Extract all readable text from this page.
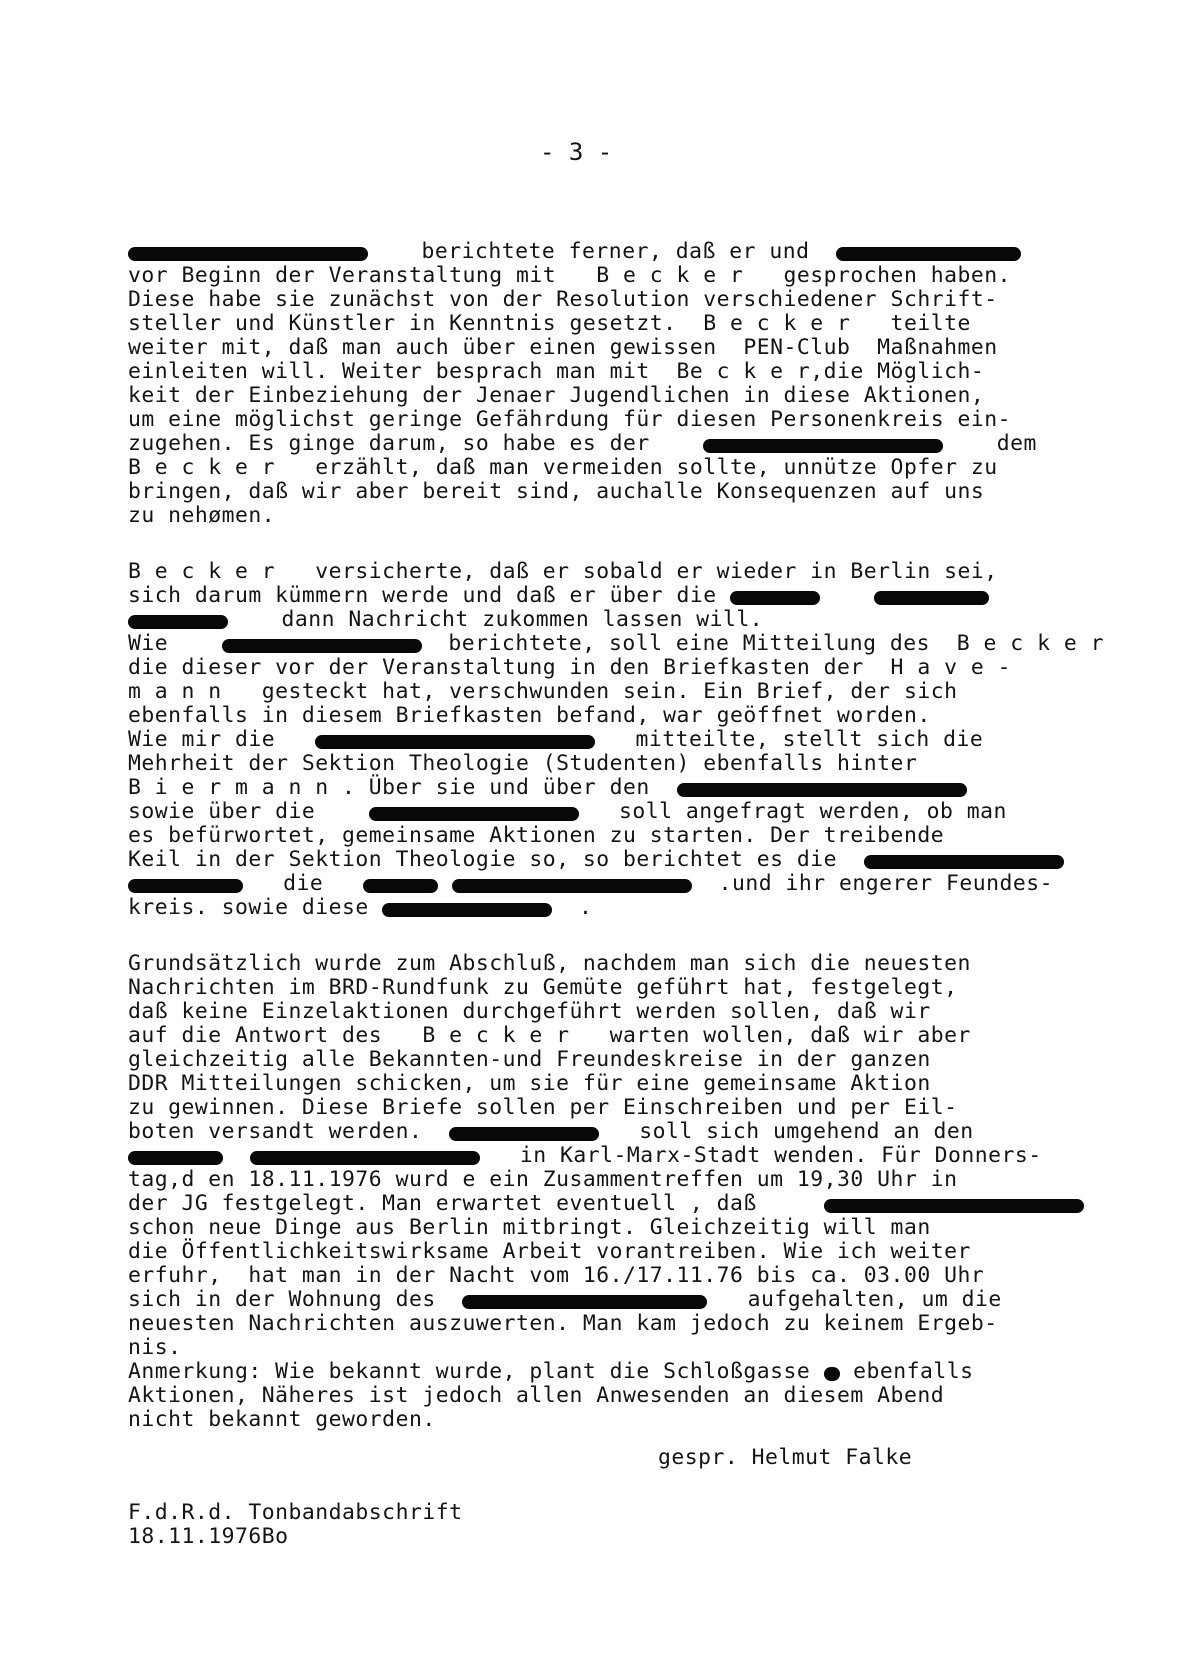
- 3 -
berichtete ferner, daß er und
vor Beginn der Veranstaltung mit   B e c k e r   gesprochen haben.
Diese habe sie zunächst von der Resolution verschiedener Schrift-
steller und Künstler in Kenntnis gesetzt.  B e c k e r   teilte
weiter mit, daß man auch über einen gewissen  PEN-Club  Maßnahmen
einleiten will. Weiter besprach man mit  Be c k e r,die Möglich-
keit der Einbeziehung der Jenaer Jugendlichen in diese Aktionen,
um eine möglichst geringe Gefährdung für diesen Personenkreis ein-
zugehen. Es ginge darum, so habe es der	dem
B e c k e r   erzählt, daß man vermeiden sollte, unnütze Opfer zu
bringen, daß wir aber bereit sind, auchalle Konsequenzen auf uns
zu nehømen.
B e c k e r   versicherte, daß er sobald er wieder in Berlin sei,
sich darum kümmern werde und daß er über die
dann Nachricht zukommen lassen will.
Wie	berichtete, soll eine Mitteilung des  B e c k e r
die dieser vor der Veranstaltung in den Briefkasten der  H a v e -
m a n n   gesteckt hat, verschwunden sein. Ein Brief, der sich
ebenfalls in diesem Briefkasten befand, war geöffnet worden.
Wie mir die	mitteilte, stellt sich die
Mehrheit der Sektion Theologie (Studenten) ebenfalls hinter
B i e r m a n n . Über sie und über den
sowie über die	soll angefragt werden, ob man
es befürwortet, gemeinsame Aktionen zu starten. Der treibende
Keil in der Sektion Theologie so, so berichtet es die
die	.und ihr engerer Feundes-
kreis. sowie diese	.
Grundsätzlich wurde zum Abschluß, nachdem man sich die neuesten
Nachrichten im BRD-Rundfunk zu Gemüte geführt hat, festgelegt,
daß keine Einzelaktionen durchgeführt werden sollen, daß wir
auf die Antwort des   B e c k e r   warten wollen, daß wir aber
gleichzeitig alle Bekannten-und Freundeskreise in der ganzen
DDR Mitteilungen schicken, um sie für eine gemeinsame Aktion
zu gewinnen. Diese Briefe sollen per Einschreiben und per Eil-
boten versandt werden.	soll sich umgehend an den
in Karl-Marx-Stadt wenden. Für Donners-
tag,d en 18.11.1976 wurd e ein Zusammentreffen um 19,30 Uhr in
der JG festgelegt. Man erwartet eventuell , daß
schon neue Dinge aus Berlin mitbringt. Gleichzeitig will man
die Öffentlichkeitswirksame Arbeit vorantreiben. Wie ich weiter
erfuhr,  hat man in der Nacht vom 16./17.11.76 bis ca. 03.00 Uhr
sich in der Wohnung des	aufgehalten, um die
neuesten Nachrichten auszuwerten. Man kam jedoch zu keinem Ergeb-
nis.
Anmerkung: Wie bekannt wurde, plant die Schloßgasse ebenfalls
Aktionen, Näheres ist jedoch allen Anwesenden an diesem Abend
nicht bekannt geworden.
gespr. Helmut Falke
F.d.R.d. Tonbandabschrift
18.11.1976Bo
